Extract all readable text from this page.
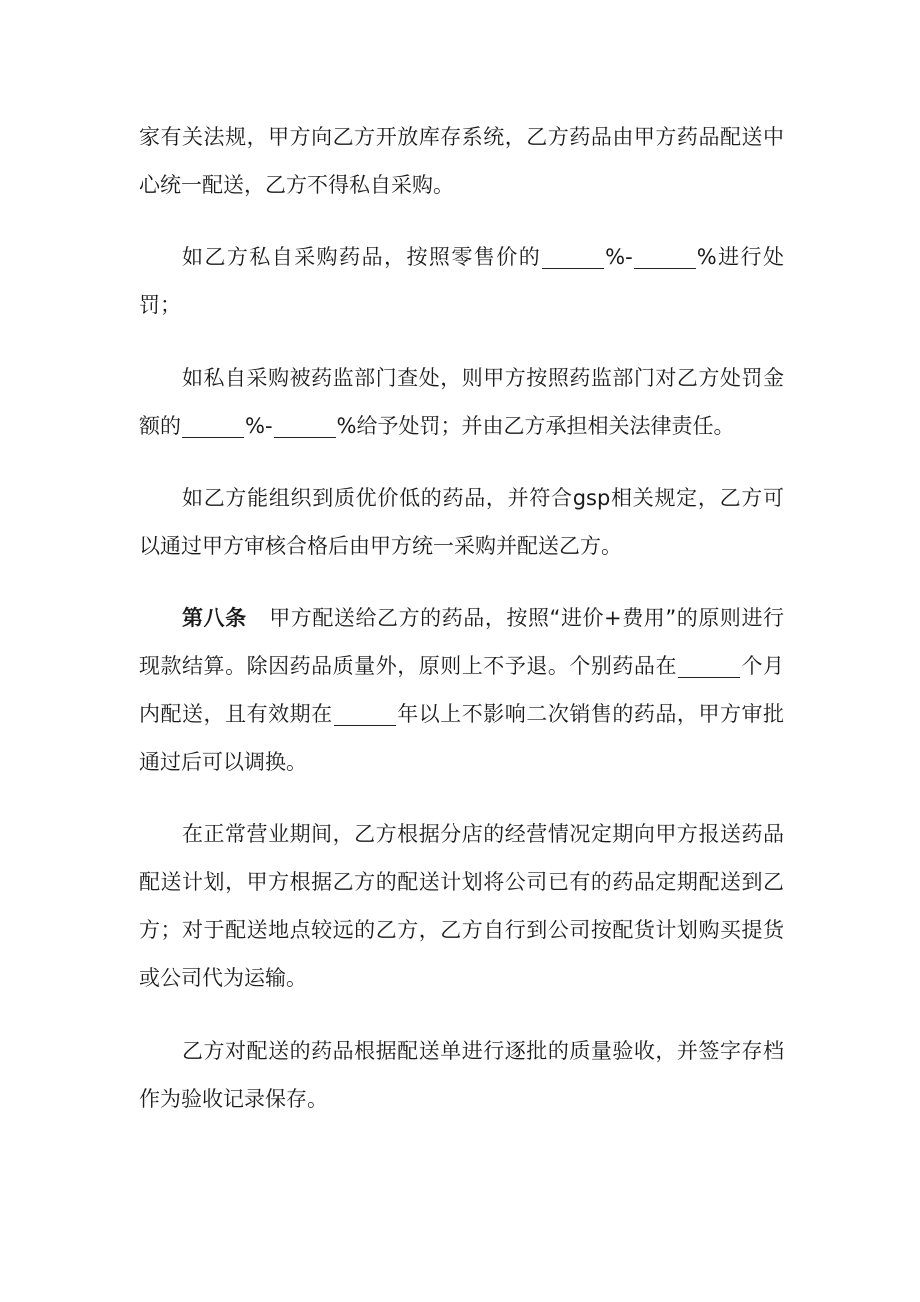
家有关法规，甲方向乙方开放库存系统，乙方药品由甲方药品配送中心统一配送，乙方不得私自采购。

如乙方私自采购药品，按照零售价的	%-	%进行处罚；

如私自采购被药监部门查处，则甲方按照药监部门对乙方处罚金额的	%-	%给予处罚；并由乙方承担相关法律责任。

如乙方能组织到质优价低的药品，并符合gsp相关规定，乙方可以通过甲方审核合格后由甲方统一采购并配送乙方。

第八条 甲方配送给乙方的药品，按照“进价+费用”的原则进行现款结算。除因药品质量外，原则上不予退。个别药品在	个月内配送，且有效期在	年以上不影响二次销售的药品，甲方审批通过后可以调换。

在正常营业期间，乙方根据分店的经营情况定期向甲方报送药品配送计划，甲方根据乙方的配送计划将公司已有的药品定期配送到乙方；对于配送地点较远的乙方，乙方自行到公司按配货计划购买提货或公司代为运输。

乙方对配送的药品根据配送单进行逐批的质量验收，并签字存档作为验收记录保存。
